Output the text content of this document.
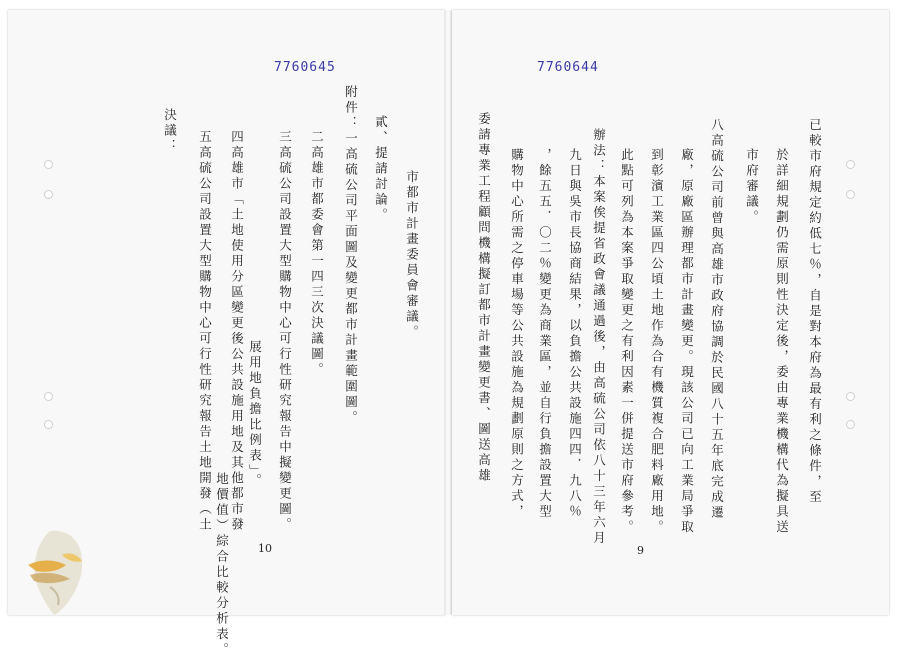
7760645
決議： 五高硫公司設置大型購物中心可行性研究報告土地開發（土
地價值）綜合比較分析表。
四高雄市「土地使用分區變更後公共設施用地及其他都市發 展用地負擔比例表」。 三高硫公司設置大型購物中心可行性研究報告中擬變更圖。 二高雄市都委會第一四三次決議圖。 附件：一高硫公司平面圖及變更都市計畫範圍圖。 貳、提請討論。
市都市計畫委員會審議。
10
7760644
委請專業工程顧問機構擬訂都市計畫變更書、圖送高雄 購物中心所需之停車場等公共設施為規劃原則之方式， ，餘五五．〇二％變更為商業區，並自行負擔設置大型 九日與吳市長協商結果，以負擔公共設施四四．九八％ 辦法：本案俟提省政會議通過後，由高硫公司依八十三年六月 此點可列為本案爭取變更之有利因素一併提送市府參考。 到彰濱工業區四公頃土地作為合有機質複合肥料廠用地。 廠，原廠區辦理都市計畫變更。現該公司已向工業局爭取 八高硫公司前曾與高雄市政府協調於民國八十五年底完成遷 市府審議。 於詳細規劃仍需原則性決定後，委由專業機構代為擬具送 已較市府規定約低七％，自是對本府為最有利之條件，至
9
